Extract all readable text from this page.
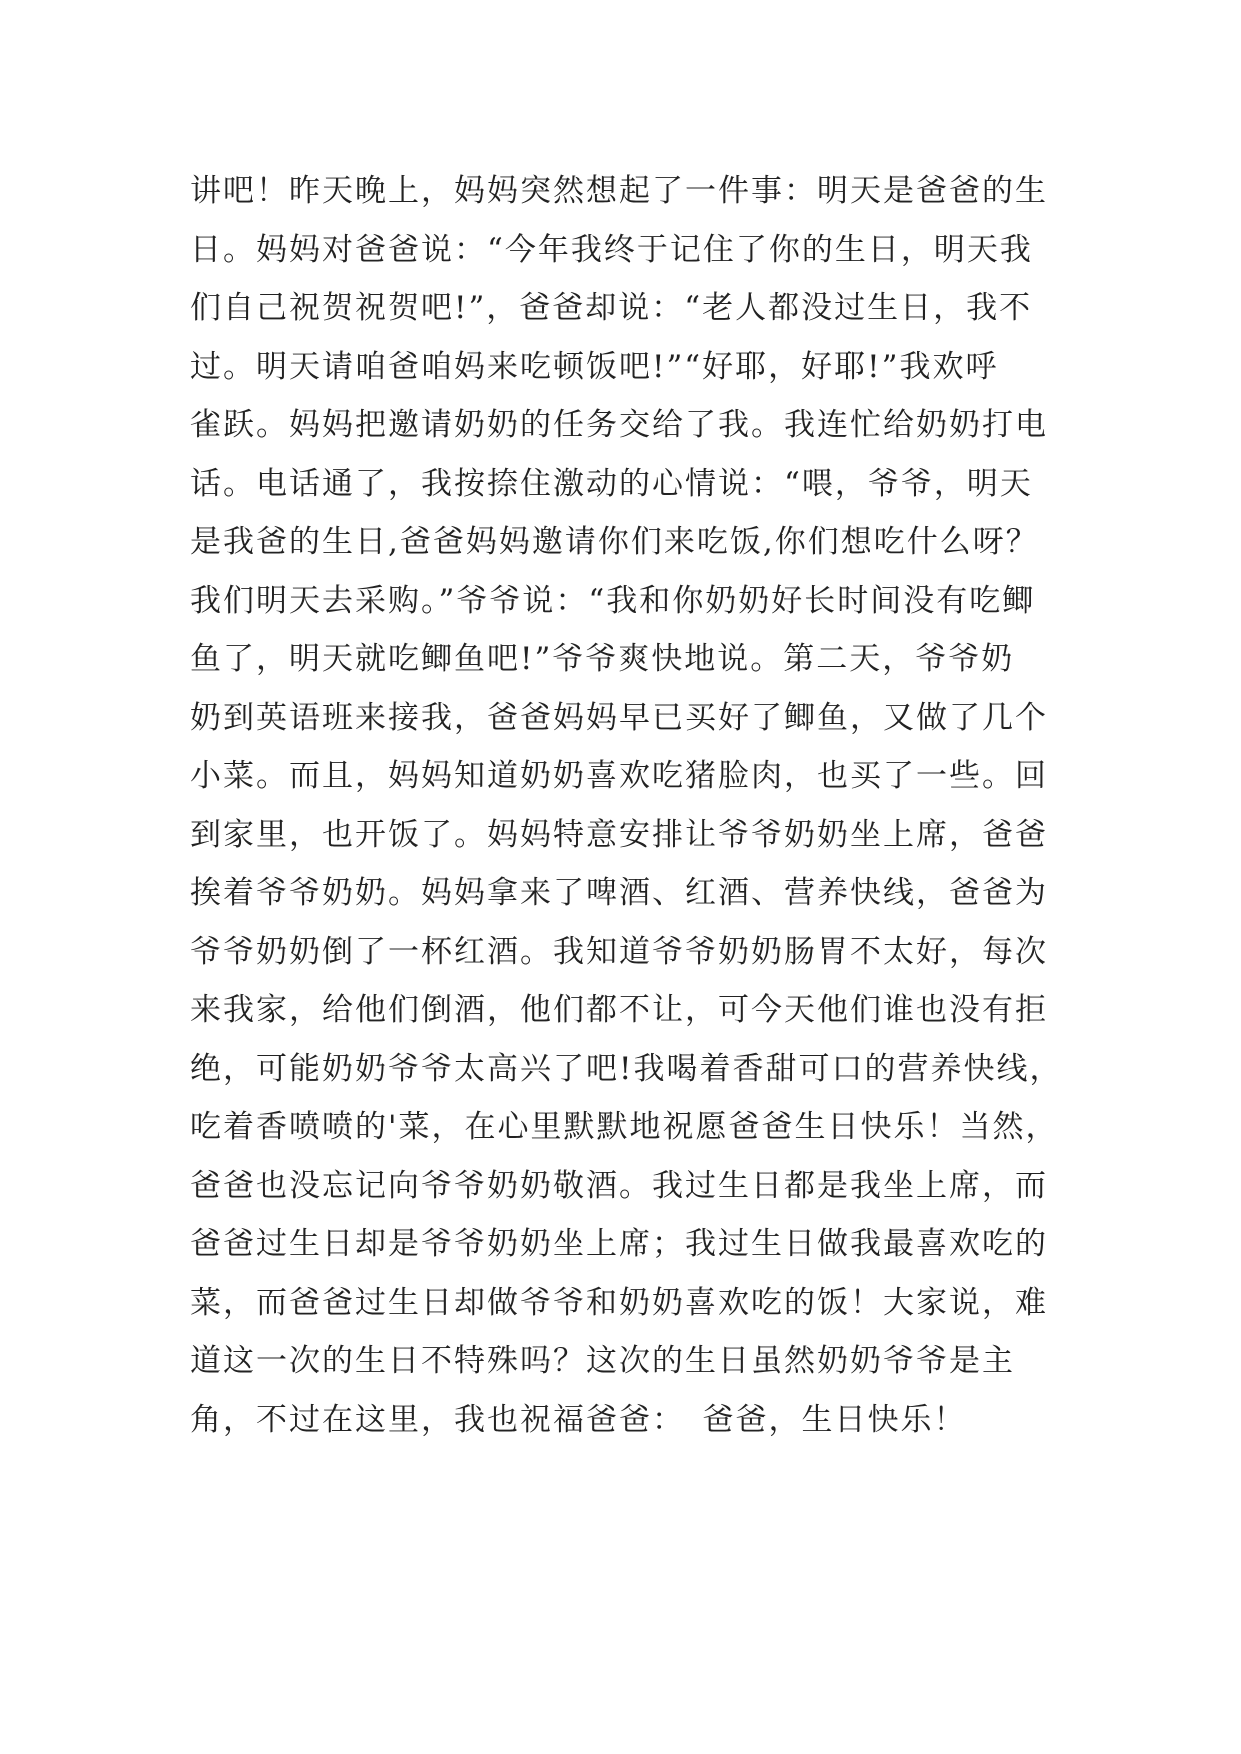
讲吧！昨天晚上，妈妈突然想起了一件事：明天是爸爸的生
日。妈妈对爸爸说：“今年我终于记住了你的生日，明天我
们自己祝贺祝贺吧!”，爸爸却说：“老人都没过生日，我不
过。明天请咱爸咱妈来吃顿饭吧!”“好耶，好耶!”我欢呼
雀跃。妈妈把邀请奶奶的任务交给了我。我连忙给奶奶打电
话。电话通了，我按捺住激动的心情说：“喂，爷爷，明天
是我爸的生日,爸爸妈妈邀请你们来吃饭,你们想吃什么呀？
我们明天去采购。”爷爷说：“我和你奶奶好长时间没有吃鲫
鱼了，明天就吃鲫鱼吧!”爷爷爽快地说。第二天，爷爷奶
奶到英语班来接我，爸爸妈妈早已买好了鲫鱼，又做了几个
小菜。而且，妈妈知道奶奶喜欢吃猪脸肉，也买了一些。回
到家里，也开饭了。妈妈特意安排让爷爷奶奶坐上席，爸爸
挨着爷爷奶奶。妈妈拿来了啤酒、红酒、营养快线，爸爸为
爷爷奶奶倒了一杯红酒。我知道爷爷奶奶肠胃不太好，每次
来我家，给他们倒酒，他们都不让，可今天他们谁也没有拒
绝，可能奶奶爷爷太高兴了吧!我喝着香甜可口的营养快线，
吃着香喷喷的'菜，在心里默默地祝愿爸爸生日快乐！当然，
爸爸也没忘记向爷爷奶奶敬酒。我过生日都是我坐上席，而
爸爸过生日却是爷爷奶奶坐上席；我过生日做我最喜欢吃的
菜，而爸爸过生日却做爷爷和奶奶喜欢吃的饭！大家说，难
道这一次的生日不特殊吗？这次的生日虽然奶奶爷爷是主
角，不过在这里，我也祝福爸爸：　爸爸，生日快乐！
